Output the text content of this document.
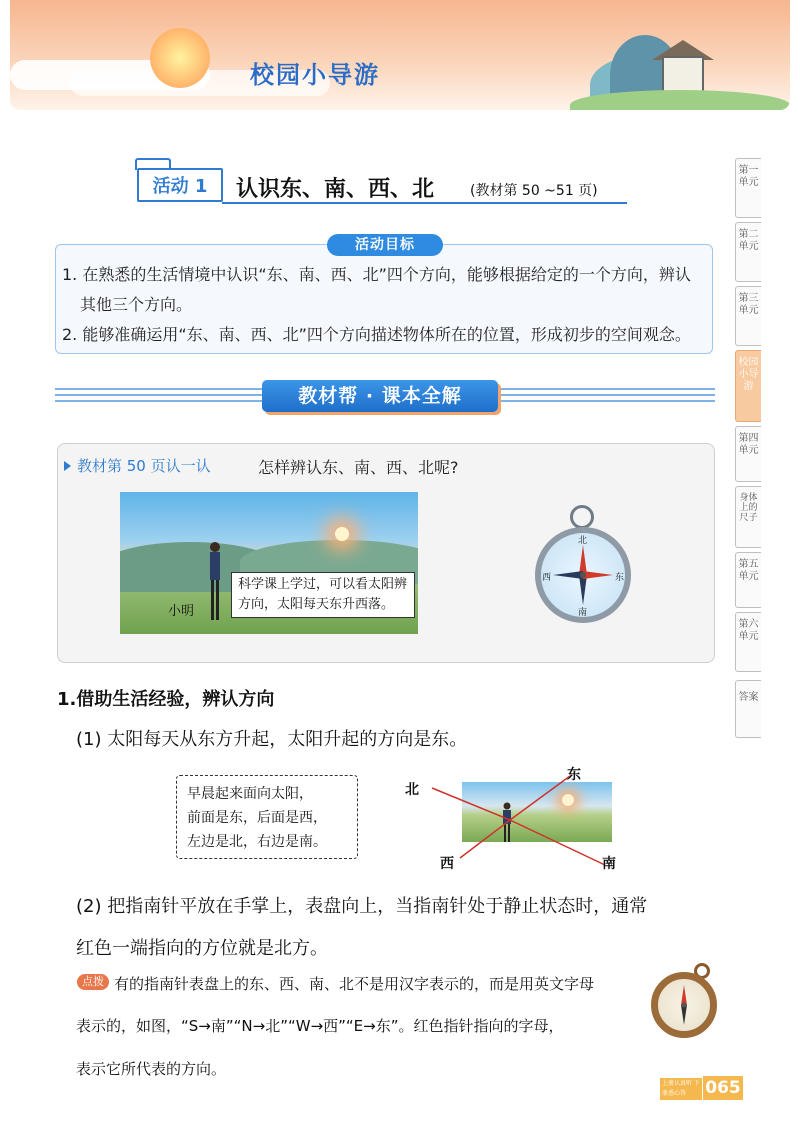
校园小导游
第一单元
第二单元
第三单元
校园小导游
第四单元
身体上的尺子
第五单元
第六单元
答案
活动 1	认识东、南、西、北	(教材第 50 ~51 页)
活动目标
1. 在熟悉的生活情境中认识“东、南、西、北”四个方向，能够根据给定的一个方向，辨认
其他三个方向。
2. 能够准确运用“东、南、西、北”四个方向描述物体所在的位置，形成初步的空间观念。
教材帮 · 课本全解
教材第 50 页认一认	怎样辨认东、南、西、北呢?
科学课上学过，可以看太阳辨方向，太阳每天东升西落。
小明
北
南
东
西
1.借助生活经验，辨认方向
(1) 太阳每天从东方升起，太阳升起的方向是东。
早晨起来面向太阳，
前面是东，后面是西，
左边是北，右边是南。
北
东
西	南
(2) 把指南针平放在手掌上，表盘向上，当指南针处于静止状态时，通常
红色一端指向的方位就是北方。
点拨 有的指南针表盘上的东、西、南、北不是用汉字表示的，而是用英文字母
表示的，如图，“S→南”“N→北”“W→西”“E→东”。红色指针指向的字母，
表示它所代表的方向。
上册认真听 下册悉心答	065
